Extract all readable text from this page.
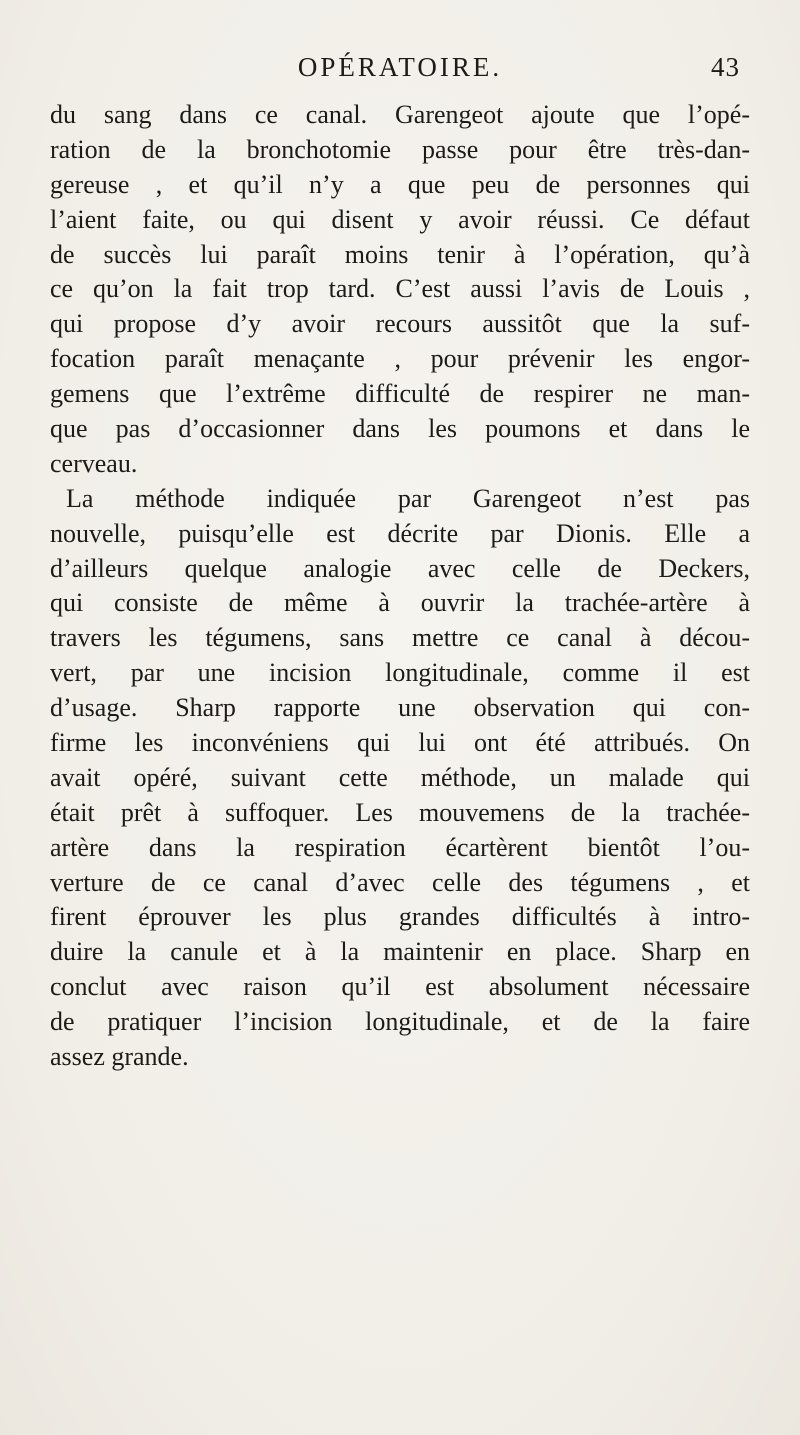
OPÉRATOIRE.	43
du sang dans ce canal. Garengeot ajoute que l’opé-
ration de la bronchotomie passe pour être très-dan-
gereuse , et qu’il n’y a que peu de personnes qui
l’aient faite, ou qui disent y avoir réussi. Ce défaut
de succès lui paraît moins tenir à l’opération, qu’à
ce qu’on la fait trop tard. C’est aussi l’avis de Louis ,
qui propose d’y avoir recours aussitôt que la suf-
focation paraît menaçante , pour prévenir les engor-
gemens que l’extrême difficulté de respirer ne man-
que pas d’occasionner dans les poumons et dans le
cerveau.
La méthode indiquée par Garengeot n’est pas
nouvelle, puisqu’elle est décrite par Dionis. Elle a
d’ailleurs quelque analogie avec celle de Deckers,
qui consiste de même à ouvrir la trachée-artère à
travers les tégumens, sans mettre ce canal à décou-
vert, par une incision longitudinale, comme il est
d’usage. Sharp rapporte une observation qui con-
firme les inconvéniens qui lui ont été attribués. On
avait opéré, suivant cette méthode, un malade qui
était prêt à suffoquer. Les mouvemens de la trachée-
artère dans la respiration écartèrent bientôt l’ou-
verture de ce canal d’avec celle des tégumens , et
firent éprouver les plus grandes difficultés à intro-
duire la canule et à la maintenir en place. Sharp en
conclut avec raison qu’il est absolument nécessaire
de pratiquer l’incision longitudinale, et de la faire
assez grande.
